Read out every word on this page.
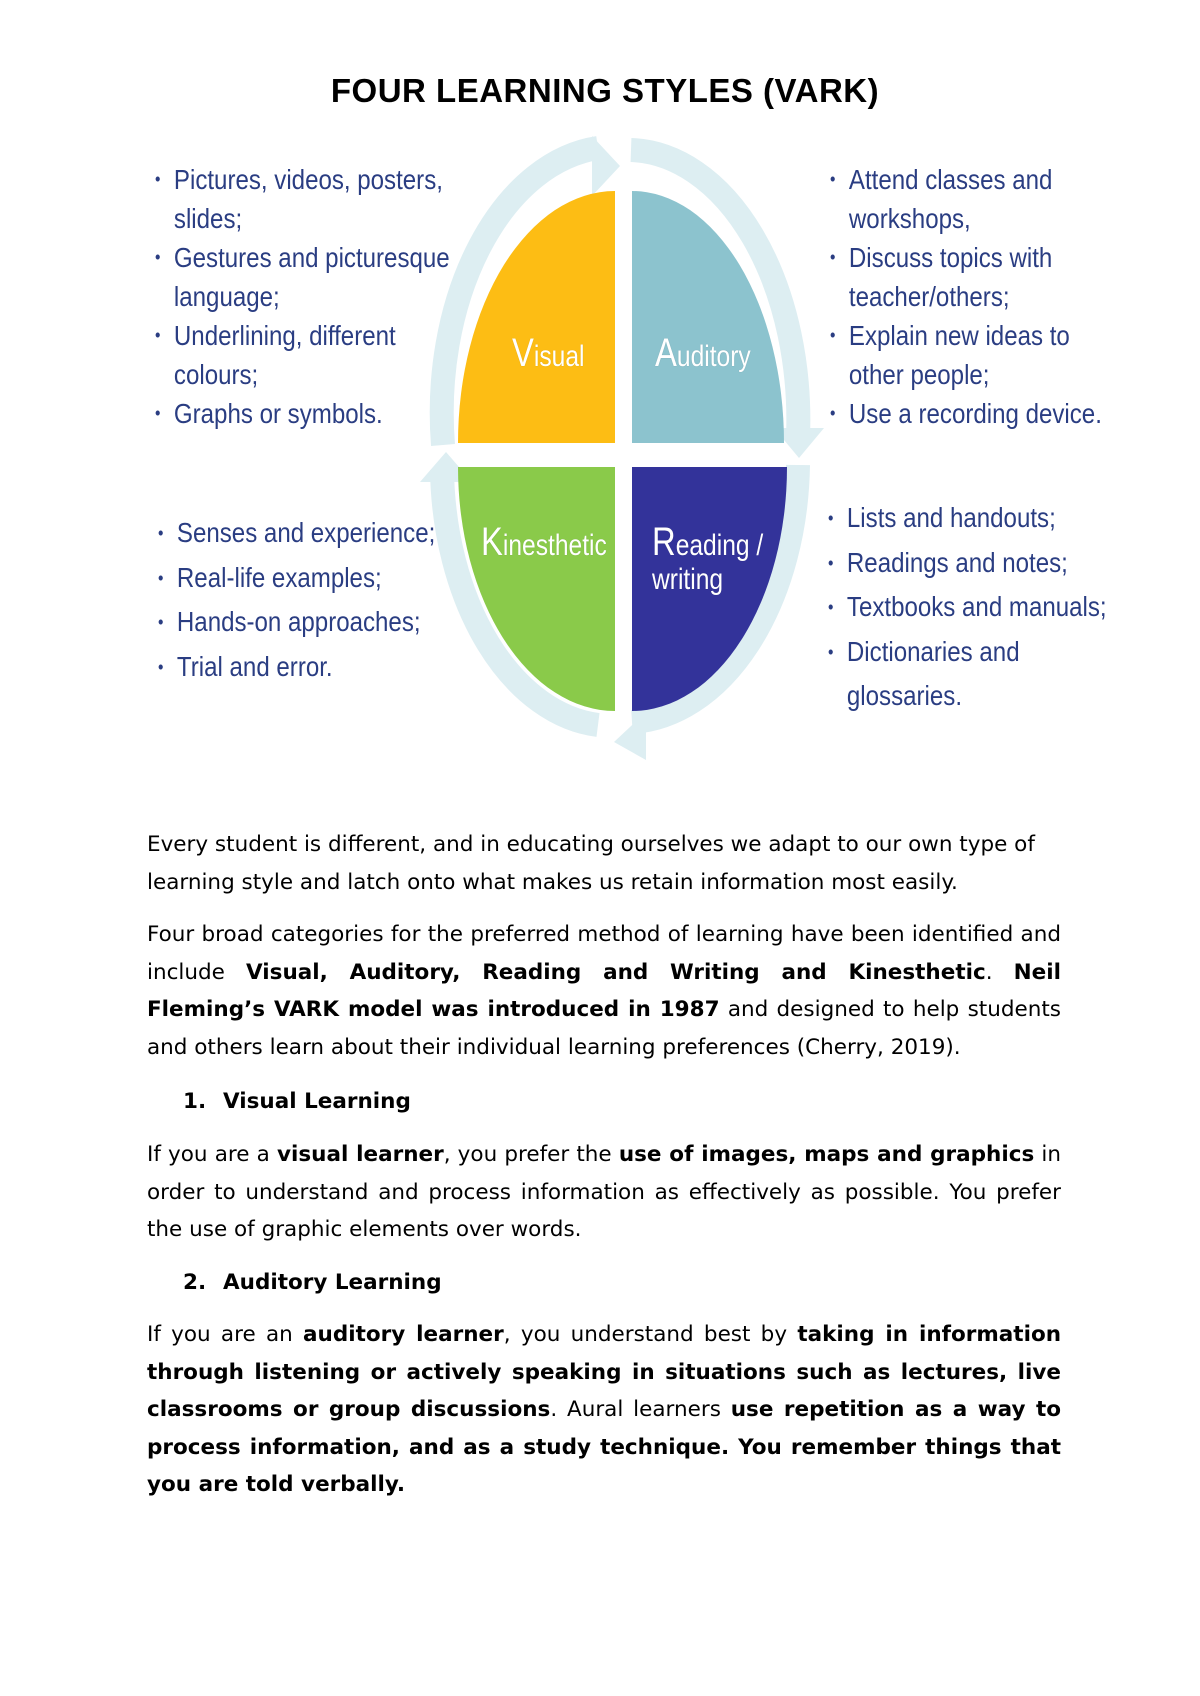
FOUR LEARNING STYLES (VARK)
Visual Auditory
Kinesthetic Reading /
writing
• Pictures, videos, posters,
slides;
• Gestures and picturesque
language;
• Underlining, different
colours;
• Graphs or symbols.
• Attend classes and
workshops,
• Discuss topics with
teacher/others;
• Explain new ideas to
other people;
• Use a recording device.
• Senses and experience;
• Real-life examples;
• Hands-on approaches;
• Trial and error.
• Lists and handouts;
• Readings and notes;
• Textbooks and manuals;
• Dictionaries and
glossaries.

Every student is different, and in educating ourselves we adapt to our own type of learning style and latch onto what makes us retain information most easily.

Four broad categories for the preferred method of learning have been identified and include Visual, Auditory, Reading and Writing and Kinesthetic. Neil Fleming’s VARK model was introduced in 1987 and designed to help students and others learn about their individual learning preferences (Cherry, 2019).

1. Visual Learning

If you are a visual learner, you prefer the use of images, maps and graphics in order to understand and process information as effectively as possible. You prefer the use of graphic elements over words.

2. Auditory Learning

If you are an auditory learner, you understand best by taking in information through listening or actively speaking in situations such as lectures, live classrooms or group discussions. Aural learners use repetition as a way to process information, and as a study technique. You remember things that you are told verbally.
